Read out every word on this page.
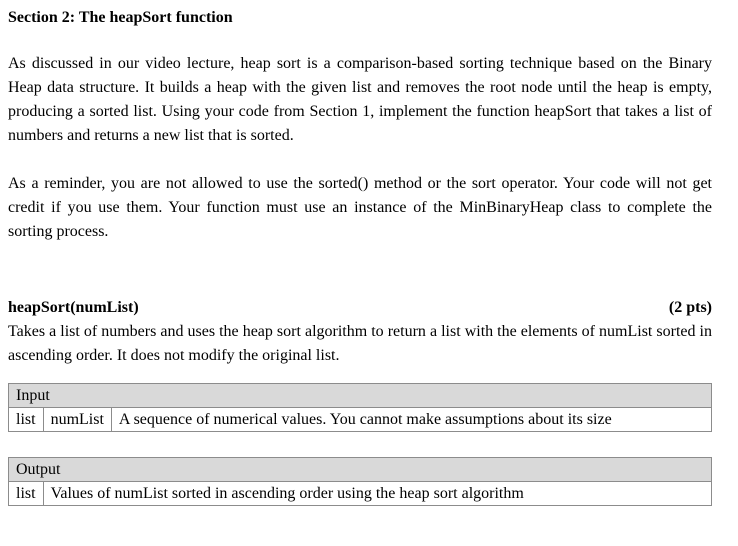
Section 2: The heapSort function

As discussed in our video lecture, heap sort is a comparison-based sorting technique based on the Binary Heap data structure. It builds a heap with the given list and removes the root node until the heap is empty, producing a sorted list. Using your code from Section 1, implement the function heapSort that takes a list of numbers and returns a new list that is sorted.

As a reminder, you are not allowed to use the sorted() method or the sort operator. Your code will not get credit if you use them. Your function must use an instance of the MinBinaryHeap class to complete the sorting process.

heapSort(numList)	(2 pts)

Takes a list of numbers and uses the heap sort algorithm to return a list with the elements of numList sorted in ascending order. It does not modify the original list.

Input
list	numList	A sequence of numerical values. You cannot make assumptions about its size
Output
list	Values of numList sorted in ascending order using the heap sort algorithm
